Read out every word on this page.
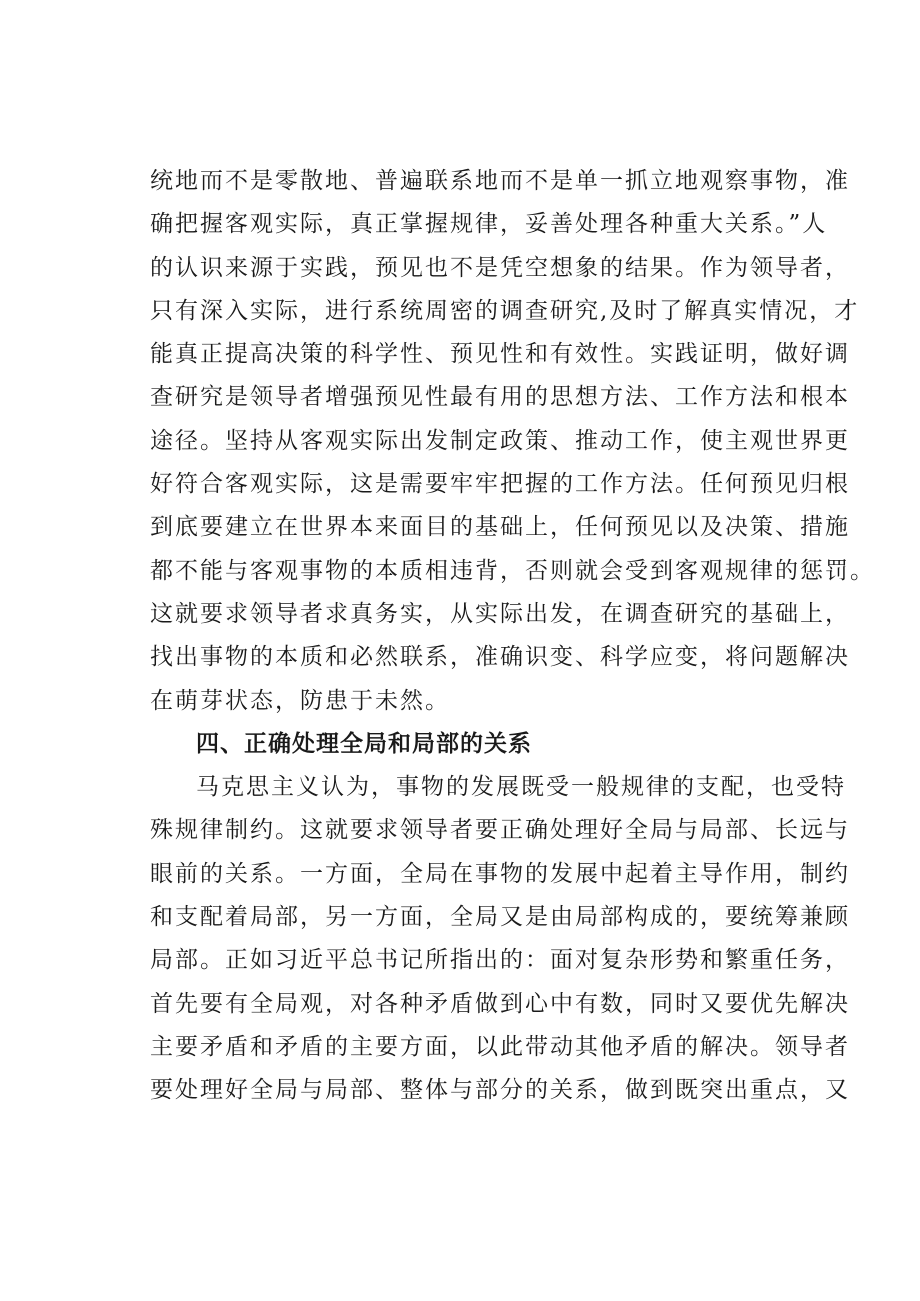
统地而不是零散地、普遍联系地而不是单一抓立地观察事物，准
确把握客观实际，真正掌握规律，妥善处理各种重大关系。”人
的认识来源于实践，预见也不是凭空想象的结果。作为领导者，
只有深入实际，进行系统周密的调查研究,及时了解真实情况，才
能真正提高决策的科学性、预见性和有效性。实践证明，做好调
查研究是领导者增强预见性最有用的思想方法、工作方法和根本
途径。坚持从客观实际出发制定政策、推动工作，使主观世界更
好符合客观实际，这是需要牢牢把握的工作方法。任何预见归根
到底要建立在世界本来面目的基础上，任何预见以及决策、措施
都不能与客观事物的本质相违背，否则就会受到客观规律的惩罚。
这就要求领导者求真务实，从实际出发，在调查研究的基础上，
找出事物的本质和必然联系，准确识变、科学应变，将问题解决
在萌芽状态，防患于未然。
四、正确处理全局和局部的关系
马克思主义认为，事物的发展既受一般规律的支配，也受特
殊规律制约。这就要求领导者要正确处理好全局与局部、长远与
眼前的关系。一方面，全局在事物的发展中起着主导作用，制约
和支配着局部，另一方面，全局又是由局部构成的，要统筹兼顾
局部。正如习近平总书记所指出的：面对复杂形势和繁重任务，
首先要有全局观，对各种矛盾做到心中有数，同时又要优先解决
主要矛盾和矛盾的主要方面，以此带动其他矛盾的解决。领导者
要处理好全局与局部、整体与部分的关系，做到既突出重点，又
